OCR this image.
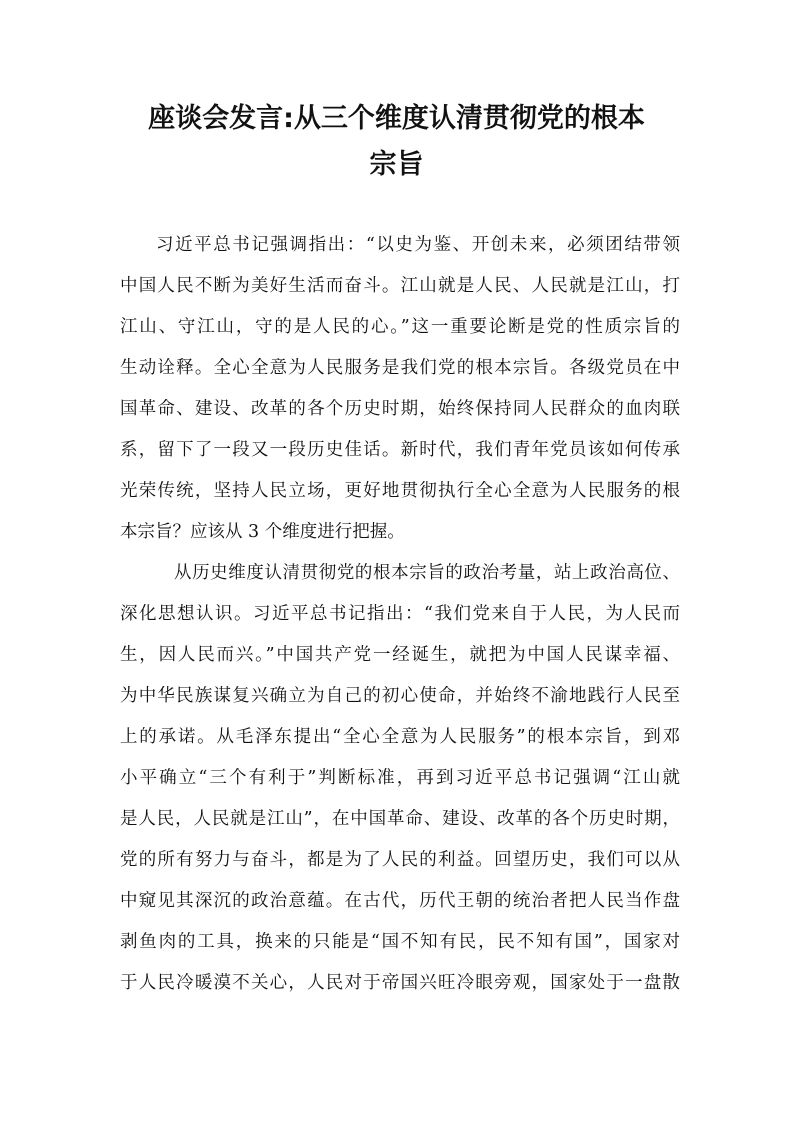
座谈会发言:从三个维度认清贯彻党的根本
宗旨
习近平总书记强调指出：“以史为鉴、开创未来，必须团结带领
中国人民不断为美好生活而奋斗。江山就是人民、人民就是江山，打
江山、守江山，守的是人民的心。”这一重要论断是党的性质宗旨的
生动诠释。全心全意为人民服务是我们党的根本宗旨。各级党员在中
国革命、建设、改革的各个历史时期，始终保持同人民群众的血肉联
系，留下了一段又一段历史佳话。新时代，我们青年党员该如何传承
光荣传统，坚持人民立场，更好地贯彻执行全心全意为人民服务的根
本宗旨？应该从 3 个维度进行把握。
从历史维度认清贯彻党的根本宗旨的政治考量，站上政治高位、
深化思想认识。习近平总书记指出：“我们党来自于人民，为人民而
生，因人民而兴。”中国共产党一经诞生，就把为中国人民谋幸福、
为中华民族谋复兴确立为自己的初心使命，并始终不渝地践行人民至
上的承诺。从毛泽东提出“全心全意为人民服务”的根本宗旨，到邓
小平确立“三个有利于”判断标准，再到习近平总书记强调“江山就
是人民，人民就是江山”，在中国革命、建设、改革的各个历史时期，
党的所有努力与奋斗，都是为了人民的利益。回望历史，我们可以从
中窥见其深沉的政治意蕴。在古代，历代王朝的统治者把人民当作盘
剥鱼肉的工具，换来的只能是“国不知有民，民不知有国”，国家对
于人民冷暖漠不关心，人民对于帝国兴旺冷眼旁观，国家处于一盘散
